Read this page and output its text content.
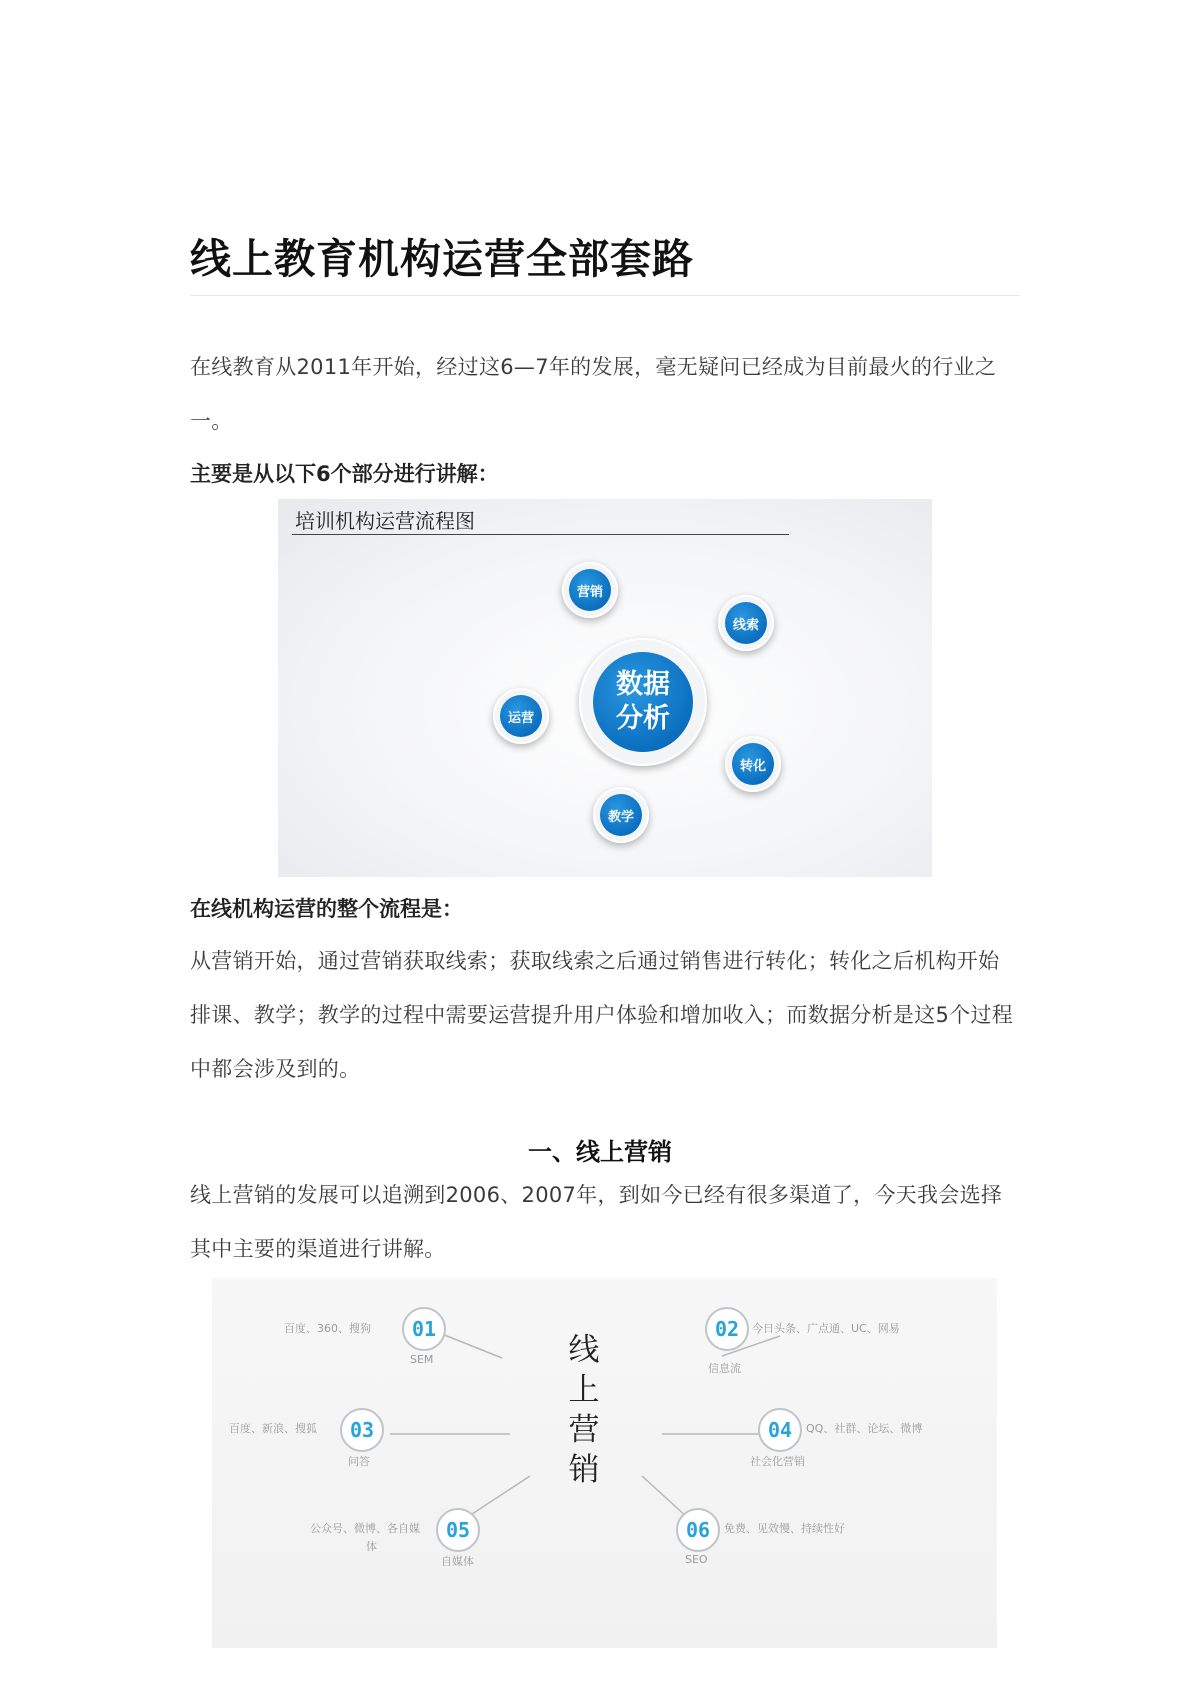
线上教育机构运营全部套路
在线教育从2011年开始，经过这6—7年的发展，毫无疑问已经成为目前最火的行业之一。
主要是从以下6个部分进行讲解：
培训机构运营流程图
数据
分析
营销
线索
转化
教学
运营
在线机构运营的整个流程是：
从营销开始，通过营销获取线索；获取线索之后通过销售进行转化；转化之后机构开始排课、教学；教学的过程中需要运营提升用户体验和增加收入；而数据分析是这5个过程中都会涉及到的。
一、线上营销
线上营销的发展可以追溯到2006、2007年，到如今已经有很多渠道了，今天我会选择其中主要的渠道进行讲解。
线
上
营
销
百度、360、搜狗 01
SEM
02 今日头条、广点通、UC、网易
信息流
百度、新浪、搜狐 03
问答
04 QQ、社群、论坛、微博
社会化营销
公众号、微博、各自媒
体
05
自媒体
06 免费、见效慢、持续性好
SEO
